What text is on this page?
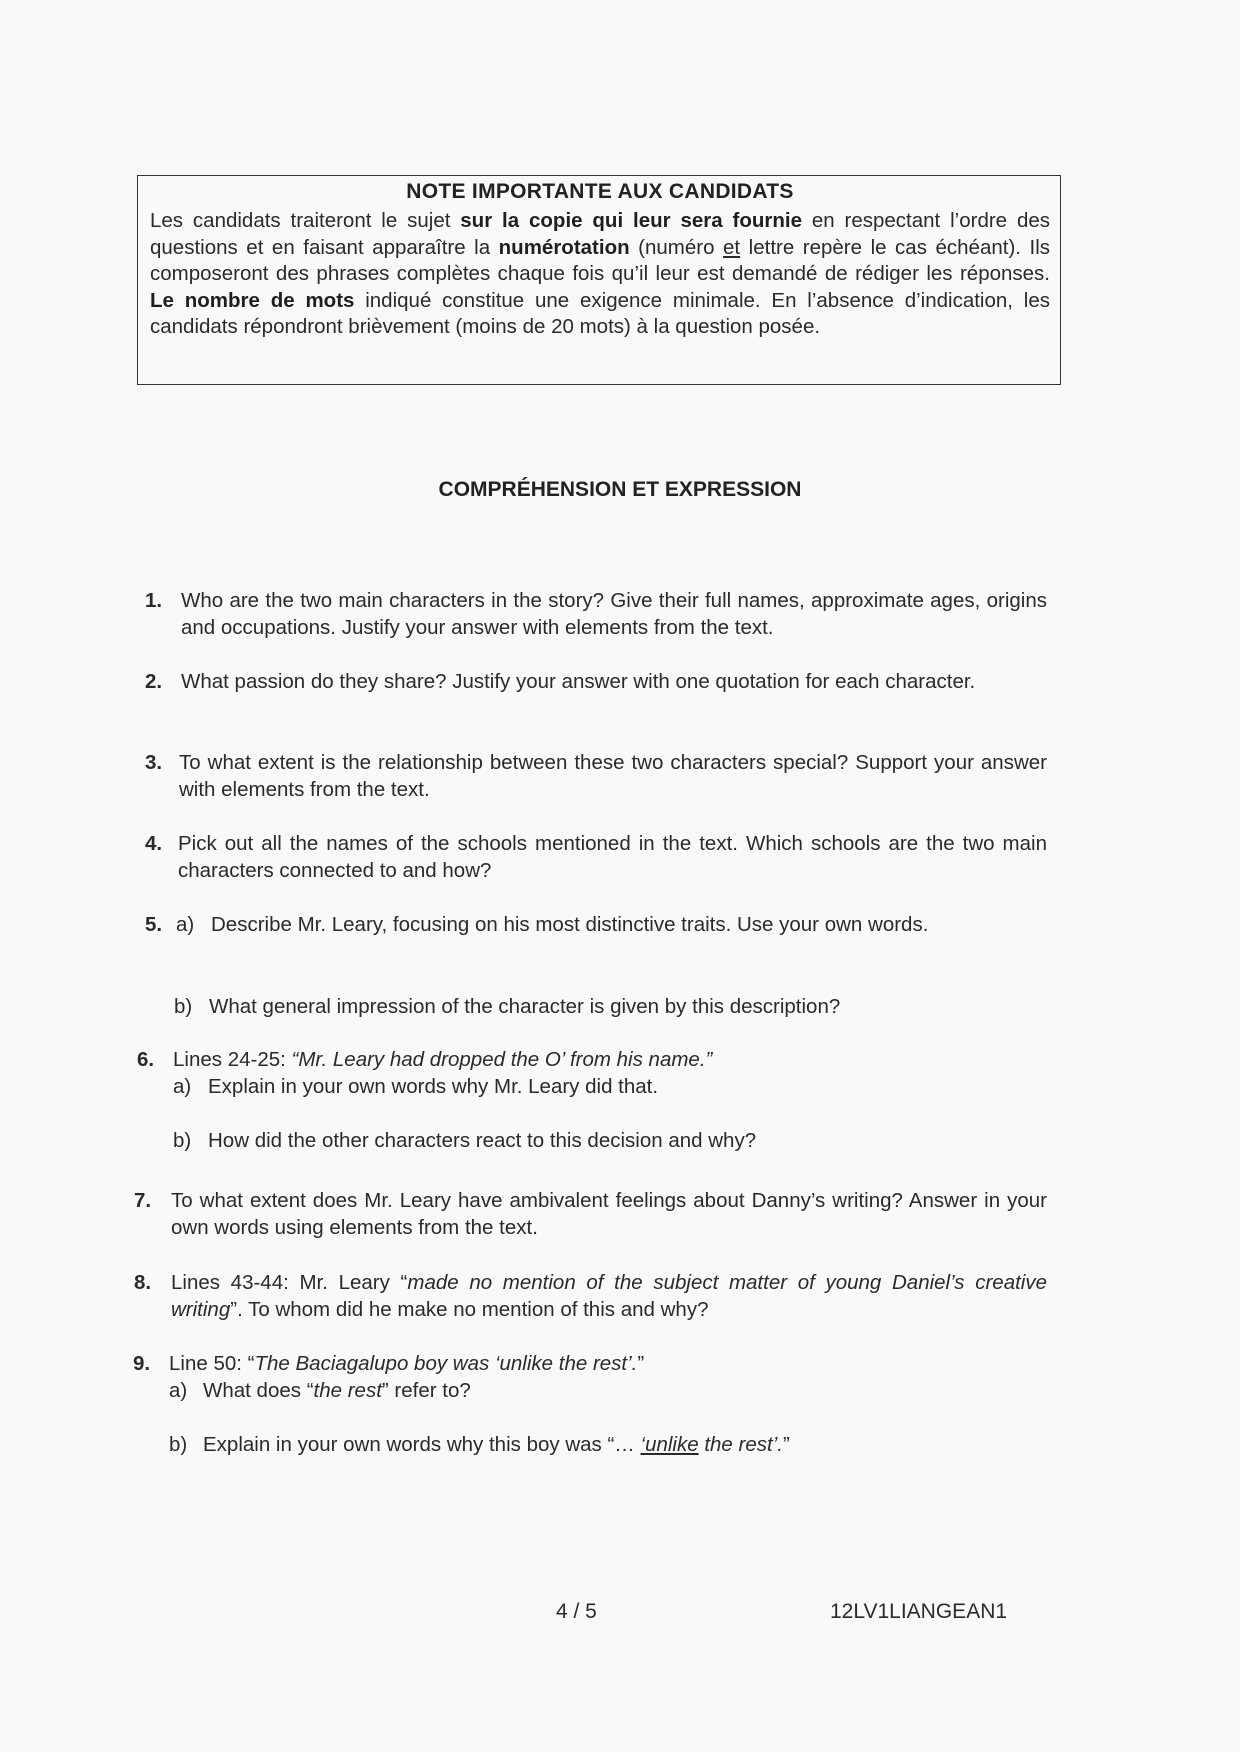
NOTE IMPORTANTE AUX CANDIDATS

Les candidats traiteront le sujet sur la copie qui leur sera fournie en respectant l’ordre des questions et en faisant apparaître la numérotation (numéro et lettre repère le cas échéant). Ils composeront des phrases complètes chaque fois qu’il leur est demandé de rédiger les réponses. Le nombre de mots indiqué constitue une exigence minimale. En l’absence d’indication, les candidats répondront brièvement (moins de 20 mots) à la question posée.

COMPRÉHENSION ET EXPRESSION
1. Who are the two main characters in the story? Give their full names, approximate ages, origins and occupations. Justify your answer with elements from the text.
2. What passion do they share? Justify your answer with one quotation for each character.
3. To what extent is the relationship between these two characters special? Support your answer with elements from the text.
4. Pick out all the names of the schools mentioned in the text. Which schools are the two main characters connected to and how?
5. a) Describe Mr. Leary, focusing on his most distinctive traits. Use your own words.
b) What general impression of the character is given by this description?
6. Lines 24-25: “Mr. Leary had dropped the O’ from his name.”
a) Explain in your own words why Mr. Leary did that.
b) How did the other characters react to this decision and why?
7. To what extent does Mr. Leary have ambivalent feelings about Danny’s writing? Answer in your own words using elements from the text.
8. Lines 43-44: Mr. Leary “made no mention of the subject matter of young Daniel’s creative writing”. To whom did he make no mention of this and why?
9. Line 50: “The Baciagalupo boy was ‘unlike the rest’.”
a) What does “the rest” refer to?
b) Explain in your own words why this boy was “… ‘unlike the rest’.”
4 / 5	12LV1LIANGEAN1
